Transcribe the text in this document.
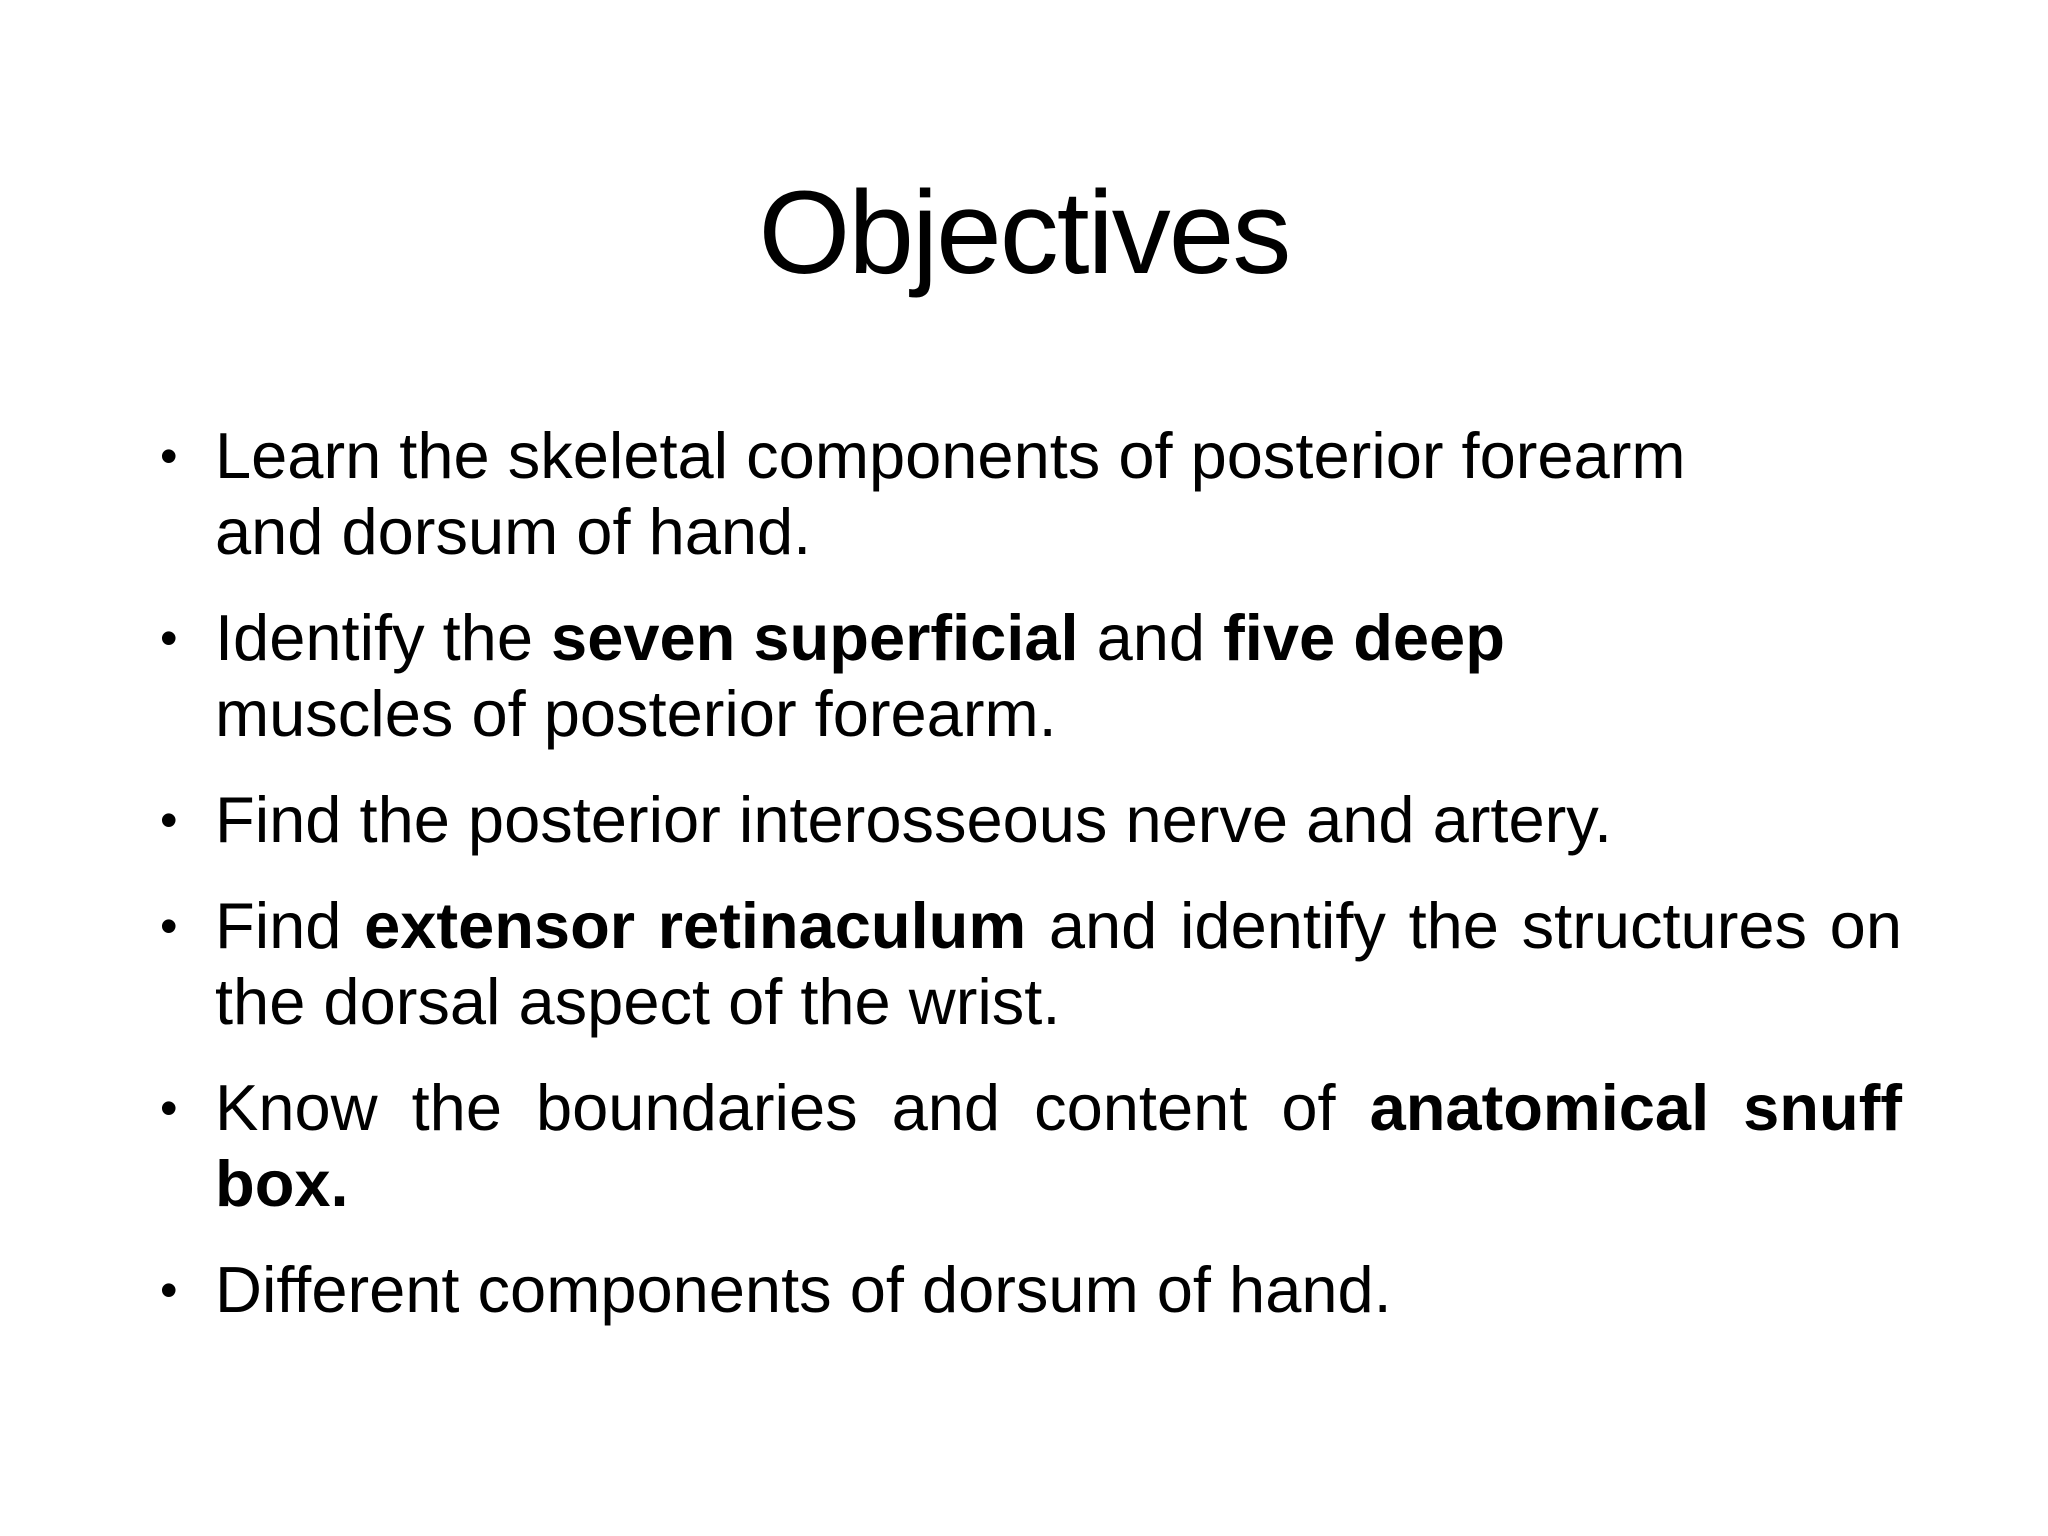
Objectives
• Learn the skeletal components of posterior forearm and dorsum of hand.
• Identify the seven superficial and five deep muscles of posterior forearm.
• Find the posterior interosseous nerve and artery.
• Find extensor retinaculum and identify the structures on the dorsal aspect of the wrist.
• Know the boundaries and content of anatomical snuff box.
• Different components of dorsum of hand.
